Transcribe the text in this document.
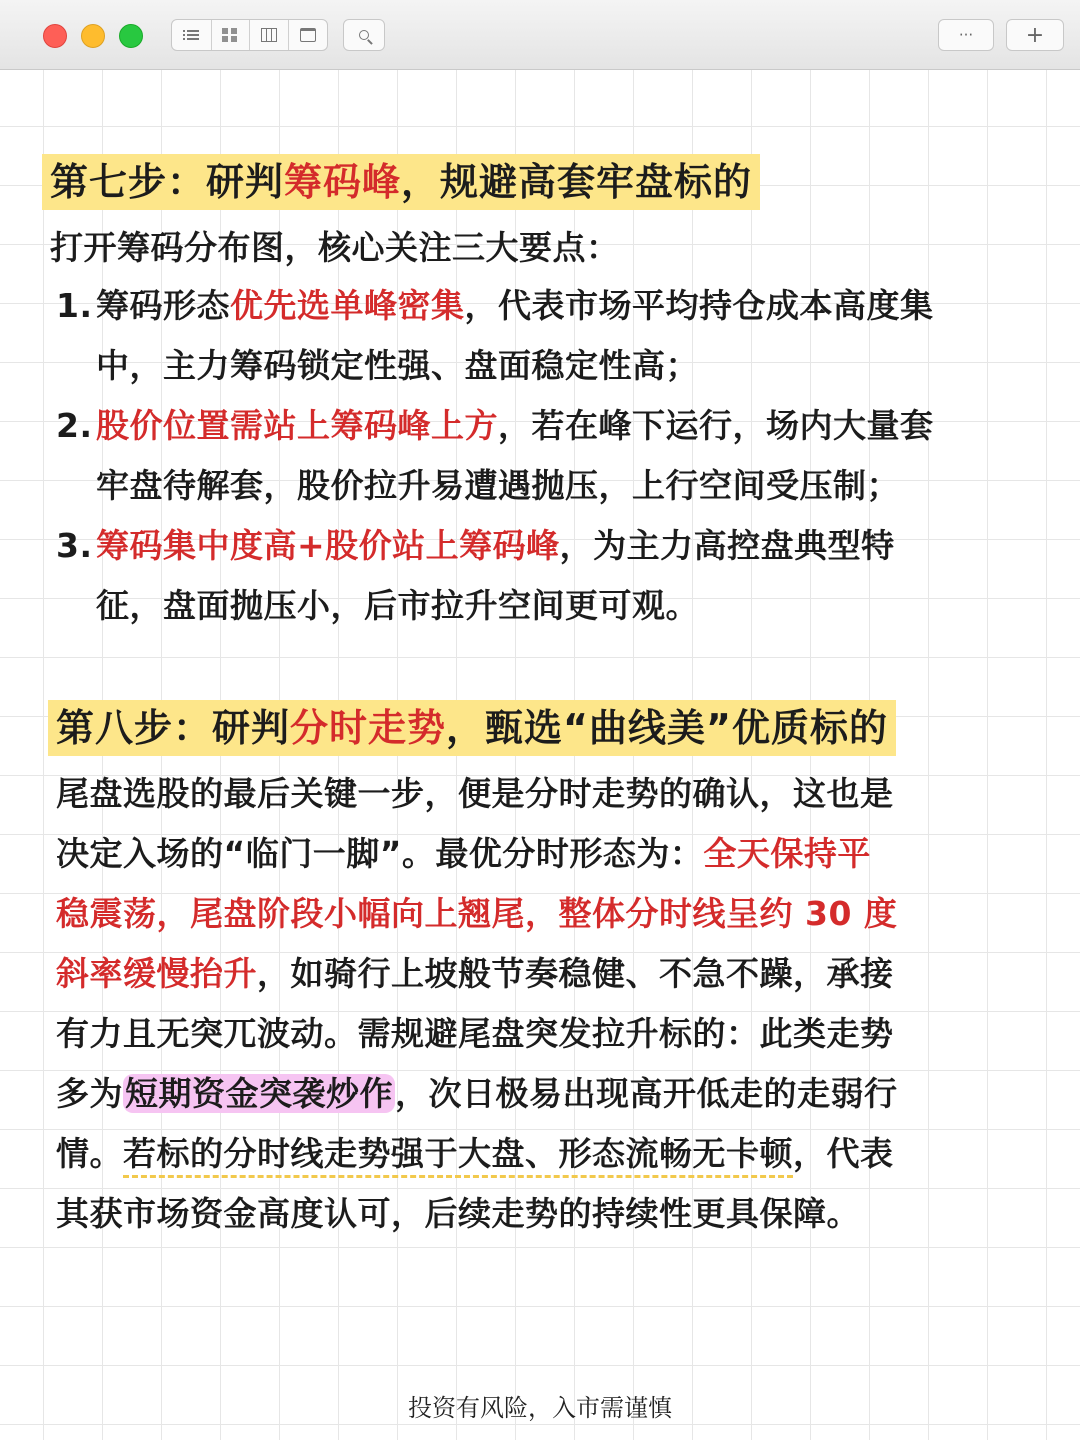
···	+
第七步：研判筹码峰，规避高套牢盘标的
打开筹码分布图，核心关注三大要点：
1. 筹码形态优先选单峰密集，代表市场平均持仓成本高度集
中，主力筹码锁定性强、盘面稳定性高；
2. 股价位置需站上筹码峰上方，若在峰下运行，场内大量套
牢盘待解套，股价拉升易遭遇抛压，上行空间受压制；
3. 筹码集中度高+股价站上筹码峰，为主力高控盘典型特
征，盘面抛压小，后市拉升空间更可观。
第八步：研判分时走势，甄选“曲线美”优质标的
尾盘选股的最后关键一步，便是分时走势的确认，这也是
决定入场的“临门一脚”。最优分时形态为：全天保持平
稳震荡，尾盘阶段小幅向上翘尾，整体分时线呈约 30 度
斜率缓慢抬升，如骑行上坡般节奏稳健、不急不躁，承接
有力且无突兀波动。需规避尾盘突发拉升标的：此类走势
多为短期资金突袭炒作，次日极易出现高开低走的走弱行
情。若标的分时线走势强于大盘、形态流畅无卡顿，代表
其获市场资金高度认可，后续走势的持续性更具保障。
投资有风险，入市需谨慎
